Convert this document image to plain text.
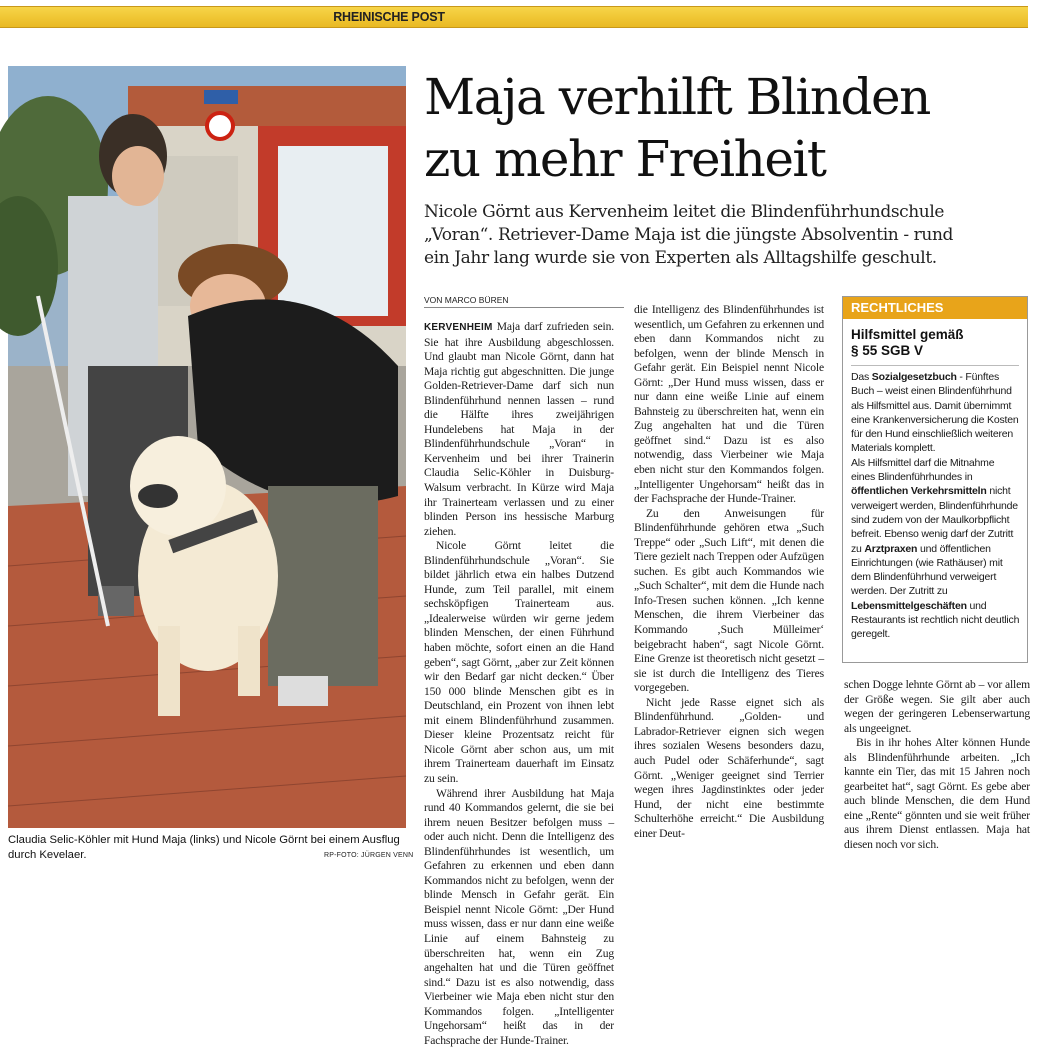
RHEINISCHE POST
Claudia Selic-Köhler mit Hund Maja (links) und Nicole Görnt bei einem Ausflug durch Kevelaer.	RP-FOTO: JÜRGEN VENN
Maja verhilft Blinden
zu mehr Freiheit
Nicole Görnt aus Kervenheim leitet die Blindenführhundschule
„Voran“. Retriever-Dame Maja ist die jüngste Absolventin - rund
ein Jahr lang wurde sie von Experten als Alltagshilfe geschult.
VON MARCO BÜREN

KERVENHEIM Maja darf zufrieden sein. Sie hat ihre Ausbildung abgeschlossen. Und glaubt man Nicole Görnt, dann hat Maja richtig gut abgeschnitten. Die junge Golden-Retriever-Dame darf sich nun Blindenführhund nennen lassen – rund die Hälfte ihres zweijährigen Hundelebens hat Maja in der Blindenführhundschule „Voran“ in Kervenheim und bei ihrer Trainerin Claudia Selic-Köhler in Duisburg-Walsum verbracht. In Kürze wird Maja ihr Trainerteam verlassen und zu einer blinden Person ins hessische Marburg ziehen.

Nicole Görnt leitet die Blindenführhundschule „Voran“. Sie bildet jährlich etwa ein halbes Dutzend Hunde, zum Teil parallel, mit einem sechsköpfigen Trainerteam aus. „Idealerweise würden wir gerne jedem blinden Menschen, der einen Führhund haben möchte, sofort einen an die Hand geben“, sagt Görnt, „aber zur Zeit können wir den Bedarf gar nicht decken.“ Über 150 000 blinde Menschen gibt es in Deutschland, ein Prozent von ihnen lebt mit einem Blindenführhund zusammen. Dieser kleine Prozentsatz reicht für Nicole Görnt aber schon aus, um mit ihrem Trainerteam dauerhaft im Einsatz zu sein.

Während ihrer Ausbildung hat Maja rund 40 Kommandos gelernt, die sie bei ihrem neuen Besitzer befolgen muss – oder auch nicht. Denn die Intelligenz des Blindenführhundes ist wesentlich, um Gefahren zu erkennen und eben dann Kommandos nicht zu befolgen, wenn der blinde Mensch in Gefahr gerät. Ein Beispiel nennt Nicole Görnt: „Der Hund muss wissen, dass er nur dann eine weiße Linie auf einem Bahnsteig zu überschreiten hat, wenn ein Zug angehalten hat und die Türen geöffnet sind.“ Dazu ist es also notwendig, dass Vierbeiner wie Maja eben nicht stur den Kommandos folgen. „Intelligenter Ungehorsam“ heißt das in der Fachsprache der Hunde-Trainer.

die Intelligenz des Blindenführhundes ist wesentlich, um Gefahren zu erkennen und eben dann Kommandos nicht zu befolgen, wenn der blinde Mensch in Gefahr gerät. Ein Beispiel nennt Nicole Görnt: „Der Hund muss wissen, dass er nur dann eine weiße Linie auf einem Bahnsteig zu überschreiten hat, wenn ein Zug angehalten hat und die Türen geöffnet sind.“ Dazu ist es also notwendig, dass Vierbeiner wie Maja eben nicht stur den Kommandos folgen. „Intelligenter Ungehorsam“ heißt das in der Fachsprache der Hunde-Trainer.

Zu den Anweisungen für Blindenführhunde gehören etwa „Such Treppe“ oder „Such Lift“, mit denen die Tiere gezielt nach Treppen oder Aufzügen suchen. Es gibt auch Kommandos wie „Such Schalter“, mit dem die Hunde nach Info-Tresen suchen können. „Ich kenne Menschen, die ihrem Vierbeiner das Kommando ‚Such Mülleimer‘ beigebracht haben“, sagt Nicole Görnt. Eine Grenze ist theoretisch nicht gesetzt – sie ist durch die Intelligenz des Tieres vorgegeben.

Nicht jede Rasse eignet sich als Blindenführhund. „Golden- und Labrador-Retriever eignen sich wegen ihres sozialen Wesens besonders dazu, auch Pudel oder Schäferhunde“, sagt Görnt. „Weniger geeignet sind Terrier wegen ihres Jagdinstinktes oder jeder Hund, der nicht eine bestimmte Schulterhöhe erreicht.“ Die Ausbildung einer Deut-

schen Dogge lehnte Görnt ab – vor allem der Größe wegen. Sie gilt aber auch wegen der geringeren Lebenserwartung als ungeeignet.

Bis in ihr hohes Alter können Hunde als Blindenführhunde arbeiten. „Ich kannte ein Tier, das mit 15 Jahren noch gearbeitet hat“, sagt Görnt. Es gebe aber auch blinde Menschen, die dem Hund eine „Rente“ gönnten und sie weit früher aus ihrem Dienst entlassen. Maja hat diesen noch vor sich.

RECHTLICHES
Hilfsmittel gemäß
§ 55 SGB V

Das Sozialgesetzbuch - Fünftes Buch – weist einen Blindenführhund als Hilfsmittel aus. Damit übernimmt eine Krankenversicherung die Kosten für den Hund einschließlich weiteren Materials komplett.

Als Hilfsmittel darf die Mitnahme eines Blindenführhundes in öffentlichen Verkehrsmitteln nicht verweigert werden, Blindenführhunde sind zudem von der Maulkorbpflicht befreit. Ebenso wenig darf der Zutritt zu Arztpraxen und öffentlichen Einrichtungen (wie Rathäuser) mit dem Blindenführhund verweigert werden. Der Zutritt zu Lebensmittelgeschäften und Restaurants ist rechtlich nicht deutlich geregelt.
